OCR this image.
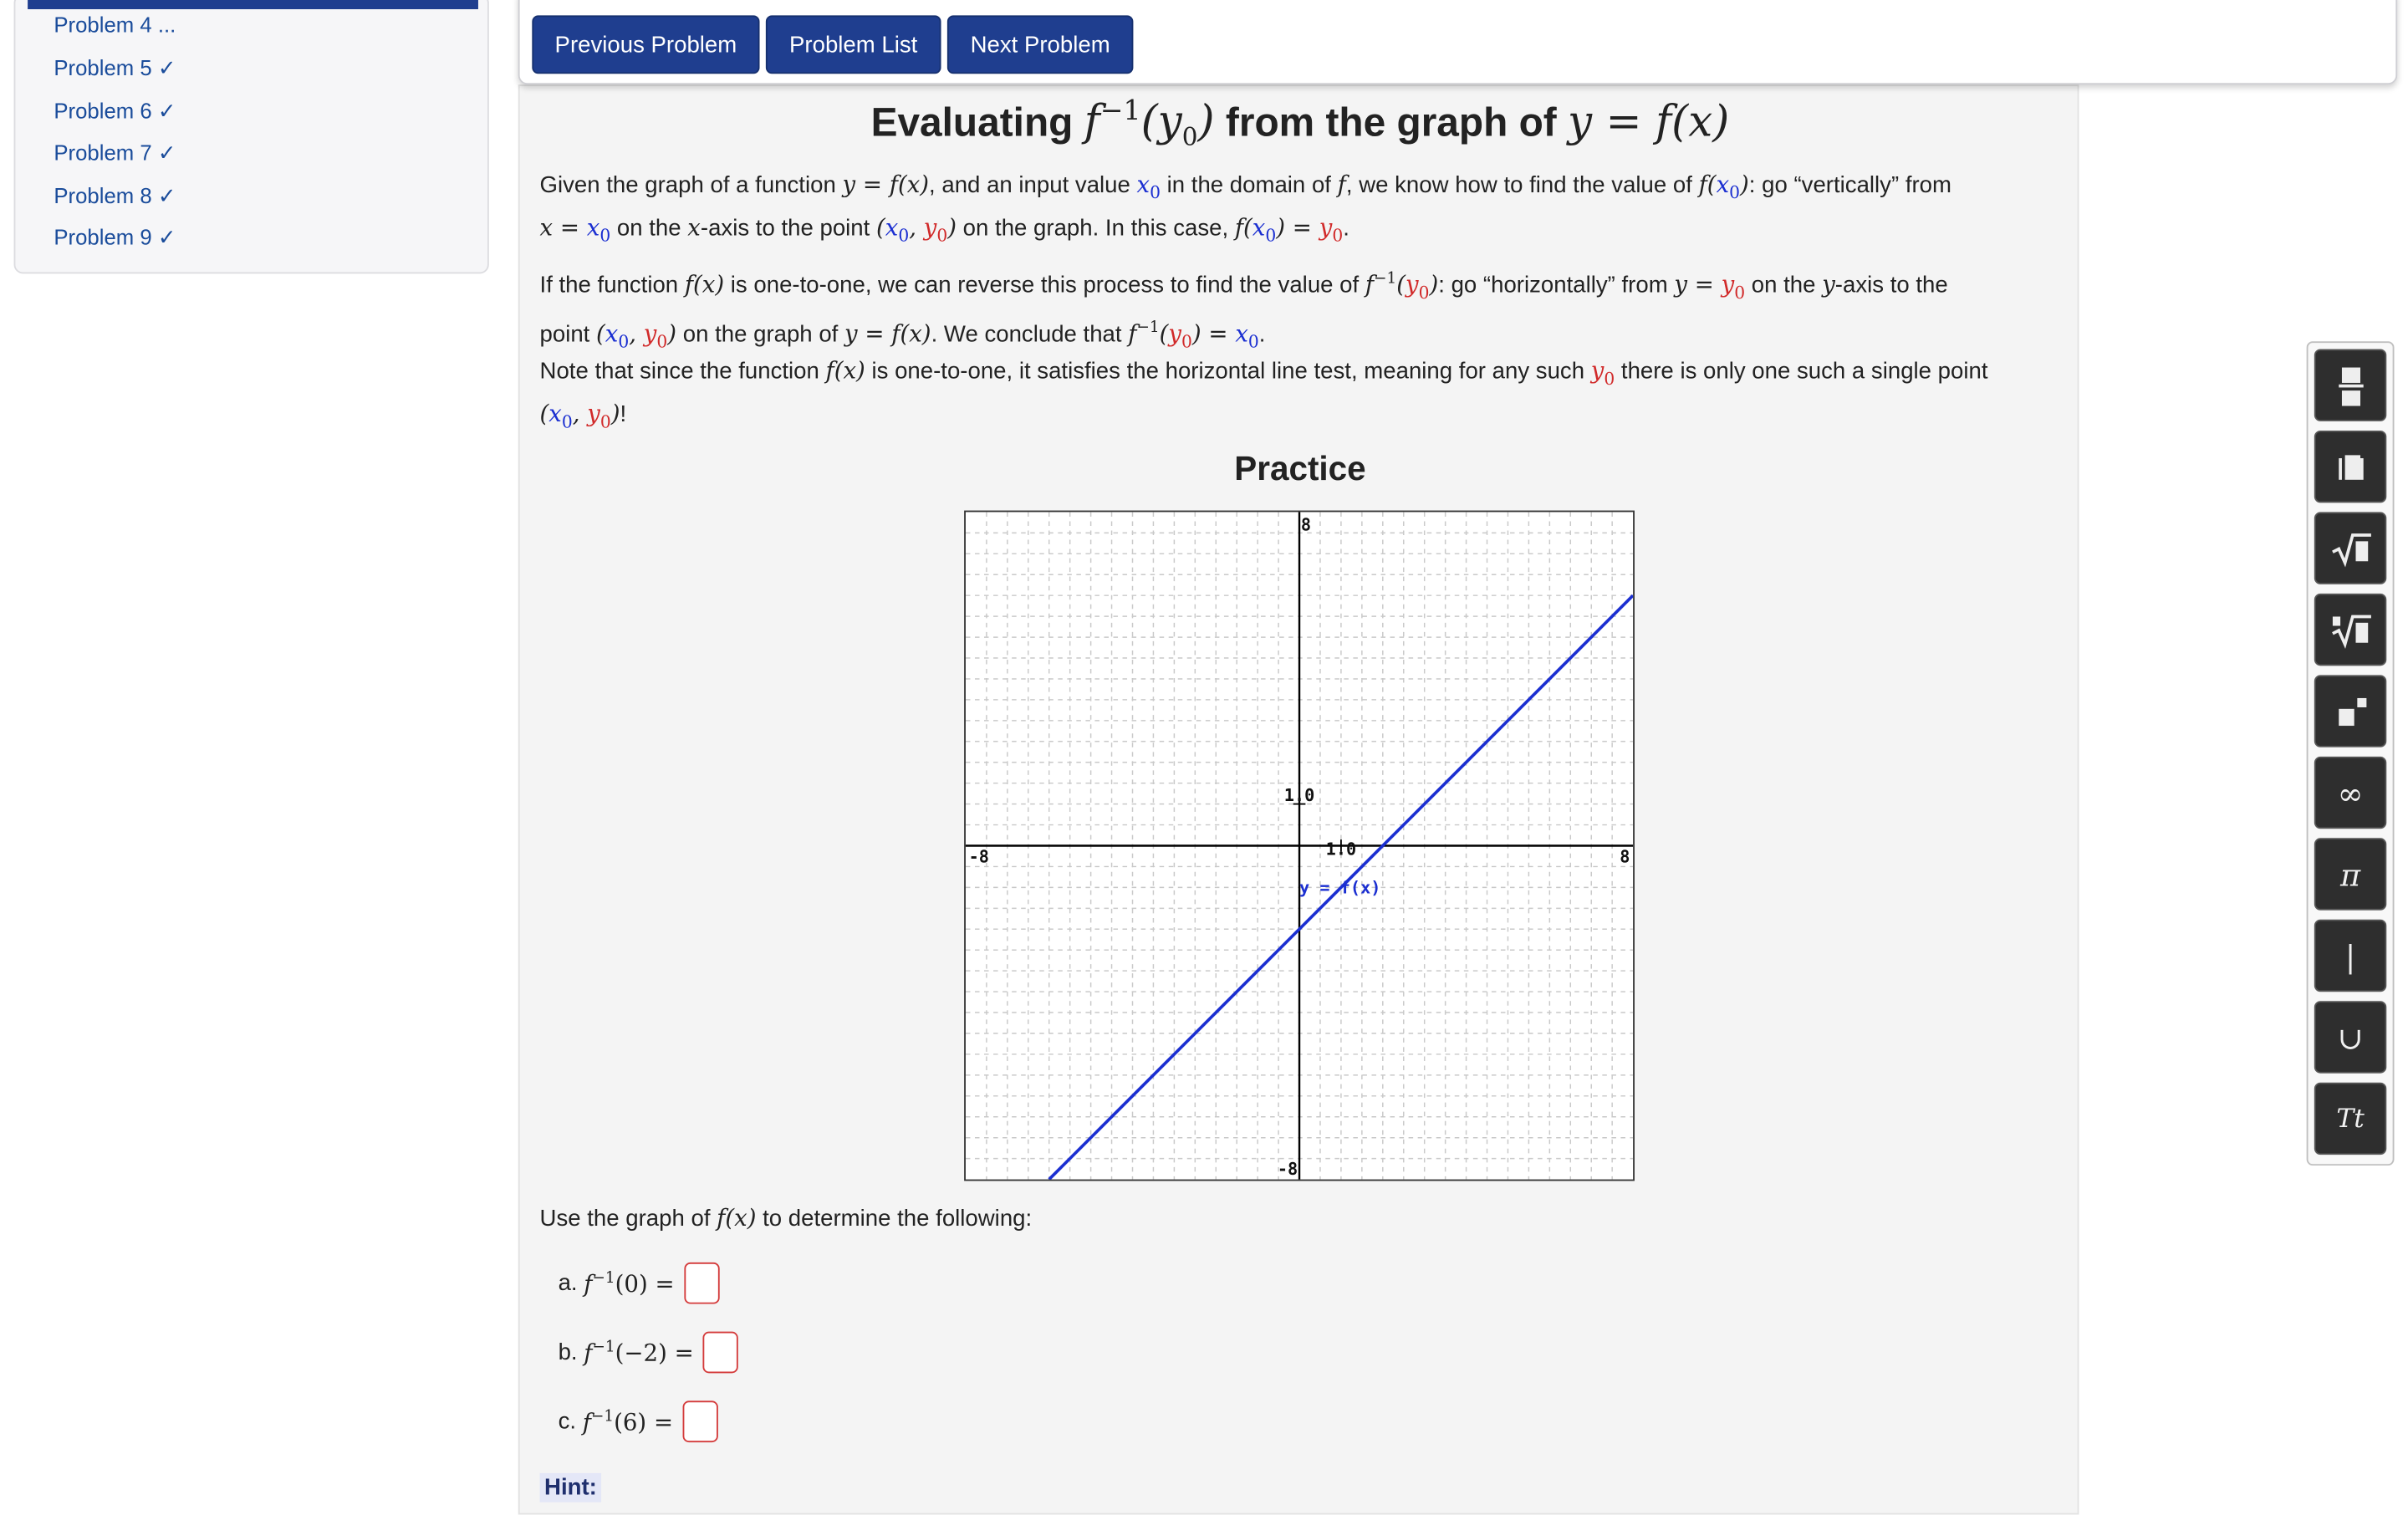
Problem 4 ...
Problem 5 ✓
Problem 6 ✓
Problem 7 ✓
Problem 8 ✓
Problem 9 ✓
Previous Problem	Problem List	Next Problem
Evaluating $f^{-1}(y_0)$ from the graph of y = f(x)
Given the graph of a function y = f(x), and an input value $x_0$ in the domain of f, we know how to find the value of $f(x_0)$: go “vertically” from
$x = x_0$ on the x-axis to the point ($x_0$, $y_0$) on the graph. In this case, $f(x_0) = y_0$.
If the function f(x) is one-to-one, we can reverse this process to find the value of $f^{-1}(y_0)$: go “horizontally” from $y = y_0$ on the y-axis to the
point ($x_0$, $y_0$) on the graph of y = f(x). We conclude that $f^{-1}(y_0) = x_0$.
Note that since the function f(x) is one-to-one, it satisfies the horizontal line test, meaning for any such $y_0$ there is only one such a single point
($x_0$, $y_0$)!
Practice
-8	8
8
-8
1.0
1.0
y = f(x)
Use the graph of f(x) to determine the following:
a. $f^{-1}(0)$ =
b. $f^{-1}(-2)$ =
c. $f^{-1}(6)$ =
Hint:
∞
π
|
∪
Tt
